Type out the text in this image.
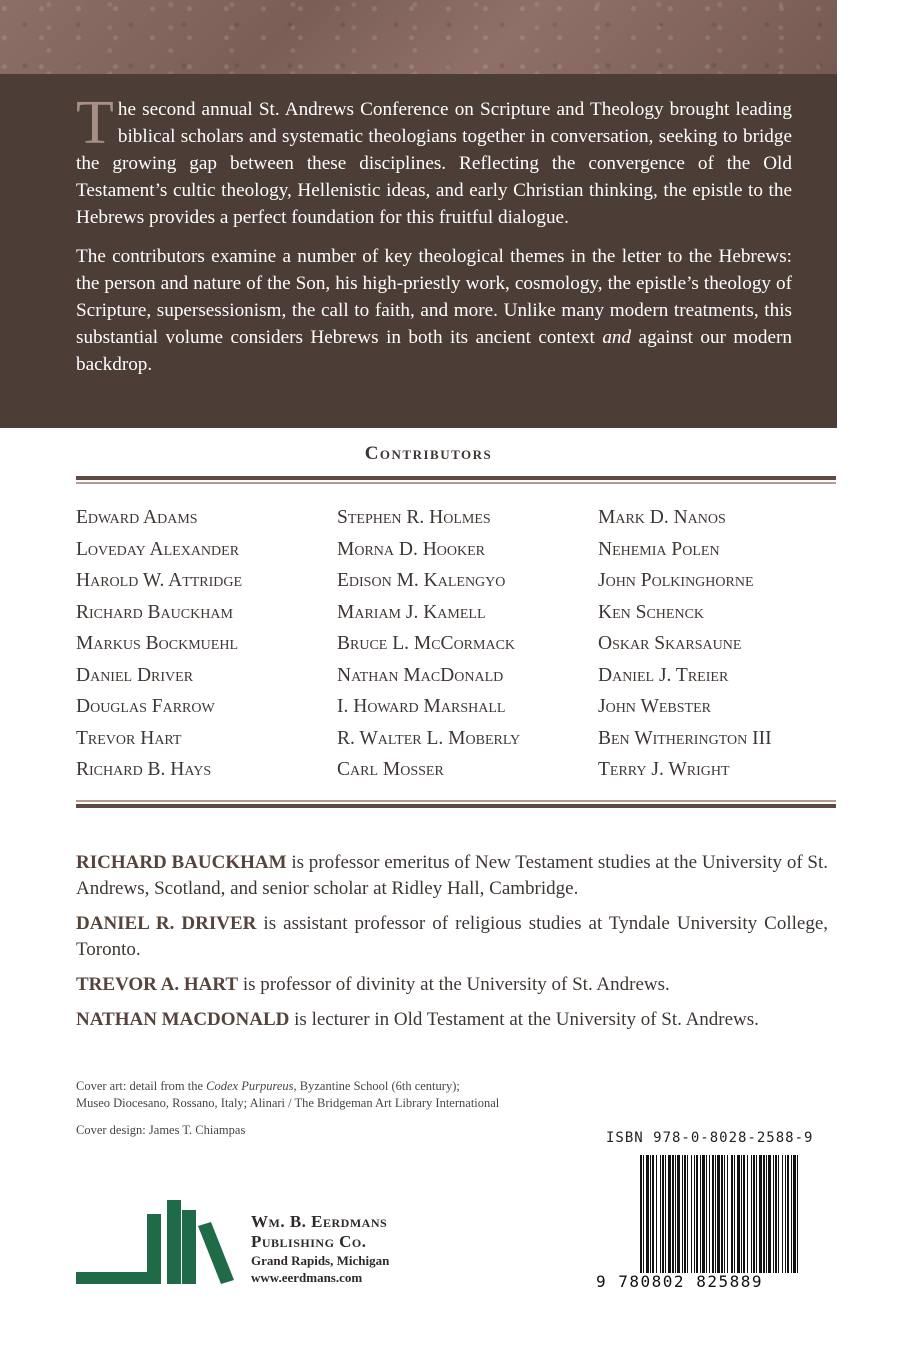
The second annual St. Andrews Conference on Scripture and Theology brought leading biblical scholars and systematic theologians together in conversation, seeking to bridge the growing gap between these disciplines. Reflecting the convergence of the Old Testament’s cultic theology, Hellenistic ideas, and early Christian thinking, the epistle to the Hebrews provides a perfect foundation for this fruitful dialogue.

The contributors examine a number of key theological themes in the letter to the Hebrews: the person and nature of the Son, his high-priestly work, cosmology, the epistle’s theology of Scripture, supersessionism, the call to faith, and more. Unlike many modern treatments, this substantial volume considers Hebrews in both its ancient context and against our modern backdrop.

Contributors
Edward Adams
Loveday Alexander
Harold W. Attridge
Richard Bauckham
Markus Bockmuehl
Daniel Driver
Douglas Farrow
Trevor Hart
Richard B. Hays
Stephen R. Holmes
Morna D. Hooker
Edison M. Kalengyo
Mariam J. Kamell
Bruce L. McCormack
Nathan MacDonald
I. Howard Marshall
R. Walter L. Moberly
Carl Mosser
Mark D. Nanos
Nehemia Polen
John Polkinghorne
Ken Schenck
Oskar Skarsaune
Daniel J. Treier
John Webster
Ben Witherington III
Terry J. Wright

RICHARD BAUCKHAM is professor emeritus of New Testament studies at the University of St. Andrews, Scotland, and senior scholar at Ridley Hall, Cambridge.

DANIEL R. DRIVER is assistant professor of religious studies at Tyndale University College, Toronto.

TREVOR A. HART is professor of divinity at the University of St. Andrews.

NATHAN MACDONALD is lecturer in Old Testament at the University of St. Andrews.

Cover art: detail from the Codex Purpureus, Byzantine School (6th century);
Museo Diocesano, Rossano, Italy; Alinari / The Bridgeman Art Library International
Cover design: James T. Chiampas	ISBN 978-0-8028-2588-9
9 780802 825889
Wm. B. Eerdmans
Publishing Co.
Grand Rapids, Michigan
www.eerdmans.com
